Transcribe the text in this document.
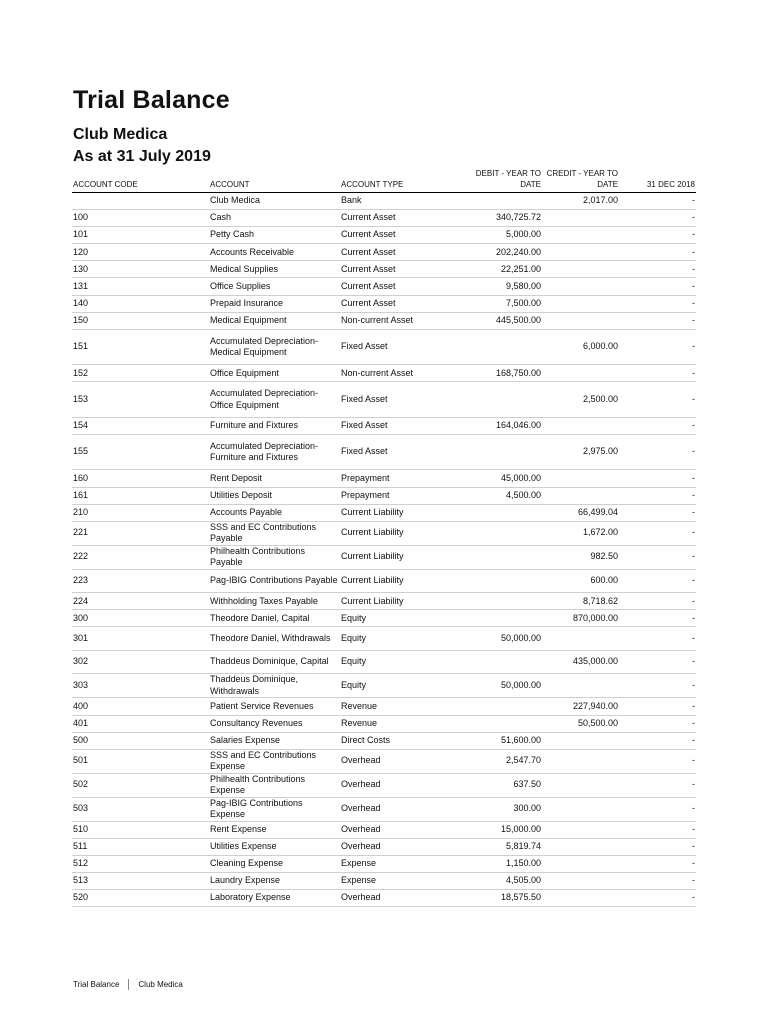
Trial Balance
Club Medica
As at 31 July 2019
ACCOUNT CODE	ACCOUNT	ACCOUNT TYPE	DEBIT - YEAR TO DATE	CREDIT - YEAR TO DATE	31 DEC 2018
	Club Medica	Bank		2,017.00	-
100	Cash	Current Asset	340,725.72		-
101	Petty Cash	Current Asset	5,000.00		-
120	Accounts Receivable	Current Asset	202,240.00		-
130	Medical Supplies	Current Asset	22,251.00		-
131	Office Supplies	Current Asset	9,580.00		-
140	Prepaid Insurance	Current Asset	7,500.00		-
150	Medical Equipment	Non-current Asset	445,500.00		-
151	Accumulated Depreciation-Medical Equipment	Fixed Asset		6,000.00	-
152	Office Equipment	Non-current Asset	168,750.00		-
153	Accumulated Depreciation-Office Equipment	Fixed Asset		2,500.00	-
154	Furniture and Fixtures	Fixed Asset	164,046.00		-
155	Accumulated Depreciation-Furniture and Fixtures	Fixed Asset		2,975.00	-
160	Rent Deposit	Prepayment	45,000.00		-
161	Utilities Deposit	Prepayment	4,500.00		-
210	Accounts Payable	Current Liability		66,499.04	-
221	SSS and EC Contributions Payable	Current Liability		1,672.00	-
222	Philhealth Contributions Payable	Current Liability		982.50	-
223	Pag-IBIG Contributions Payable	Current Liability		600.00	-
224	Withholding Taxes Payable	Current Liability		8,718.62	-
300	Theodore Daniel, Capital	Equity		870,000.00	-
301	Theodore Daniel, Withdrawals	Equity	50,000.00		-
302	Thaddeus Dominique, Capital	Equity		435,000.00	-
303	Thaddeus Dominique, Withdrawals	Equity	50,000.00		-
400	Patient Service Revenues	Revenue		227,940.00	-
401	Consultancy Revenues	Revenue		50,500.00	-
500	Salaries Expense	Direct Costs	51,600.00		-
501	SSS and EC Contributions Expense	Overhead	2,547.70		-
502	Philhealth Contributions Expense	Overhead	637.50		-
503	Pag-IBIG Contributions Expense	Overhead	300.00		-
510	Rent Expense	Overhead	15,000.00		-
511	Utilities Expense	Overhead	5,819.74		-
512	Cleaning Expense	Expense	1,150.00		-
513	Laundry Expense	Expense	4,505.00		-
520	Laboratory Expense	Overhead	18,575.50		-
Trial Balance Club Medica
